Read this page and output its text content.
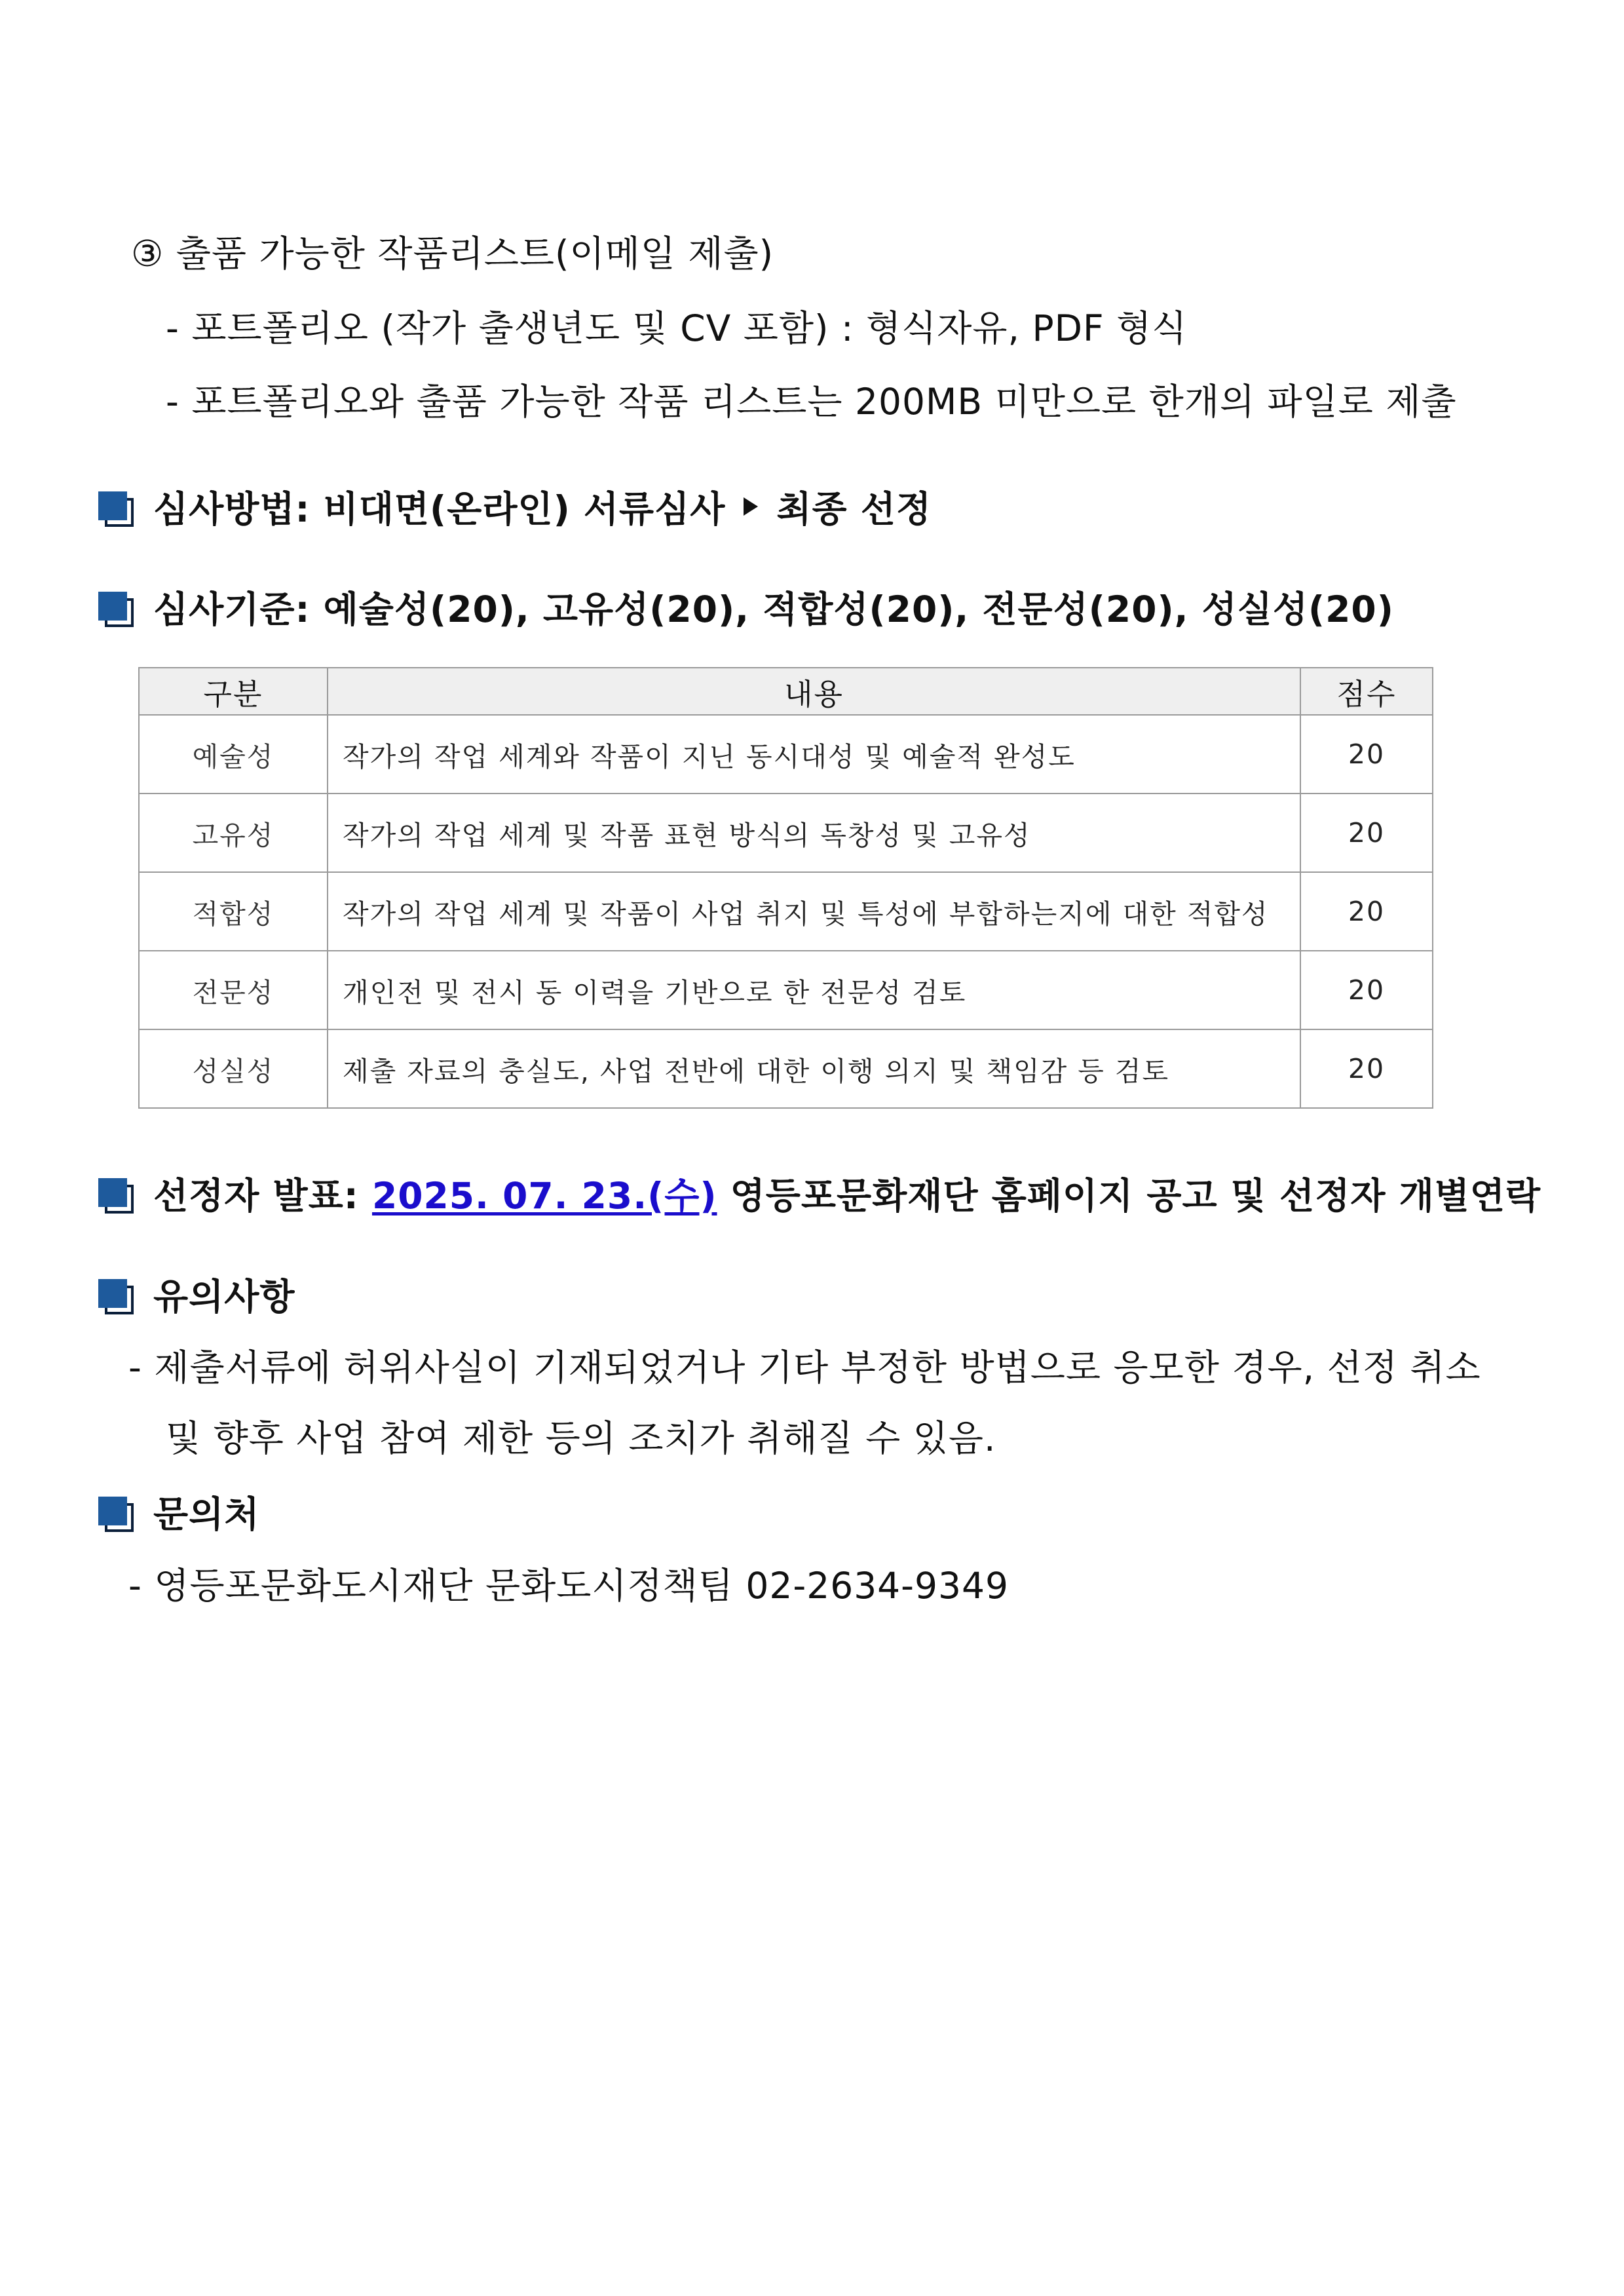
③ 출품 가능한 작품리스트(이메일 제출)
- 포트폴리오 (작가 출생년도 및 CV 포함) : 형식자유, PDF 형식
- 포트폴리오와 출품 가능한 작품 리스트는 200MB 미만으로 한개의 파일로 제출
심사방법: 비대면(온라인) 서류심사 최종 선정
심사기준: 예술성(20), 고유성(20), 적합성(20), 전문성(20), 성실성(20)
구분	내용	점수
예술성	작가의 작업 세계와 작품이 지닌 동시대성 및 예술적 완성도	20
고유성	작가의 작업 세계 및 작품 표현 방식의 독창성 및 고유성	20
적합성	작가의 작업 세계 및 작품이 사업 취지 및 특성에 부합하는지에 대한 적합성	20
전문성	개인전 및 전시 동 이력을 기반으로 한 전문성 검토	20
성실성	제출 자료의 충실도, 사업 전반에 대한 이행 의지 및 책임감 등 검토	20
선정자 발표: 2025. 07. 23.(수) 영등포문화재단 홈페이지 공고 및 선정자 개별연락
유의사항
- 제출서류에 허위사실이 기재되었거나 기타 부정한 방법으로 응모한 경우, 선정 취소
및 향후 사업 참여 제한 등의 조치가 취해질 수 있음.
문의처
- 영등포문화도시재단 문화도시정책팀 02-2634-9349
